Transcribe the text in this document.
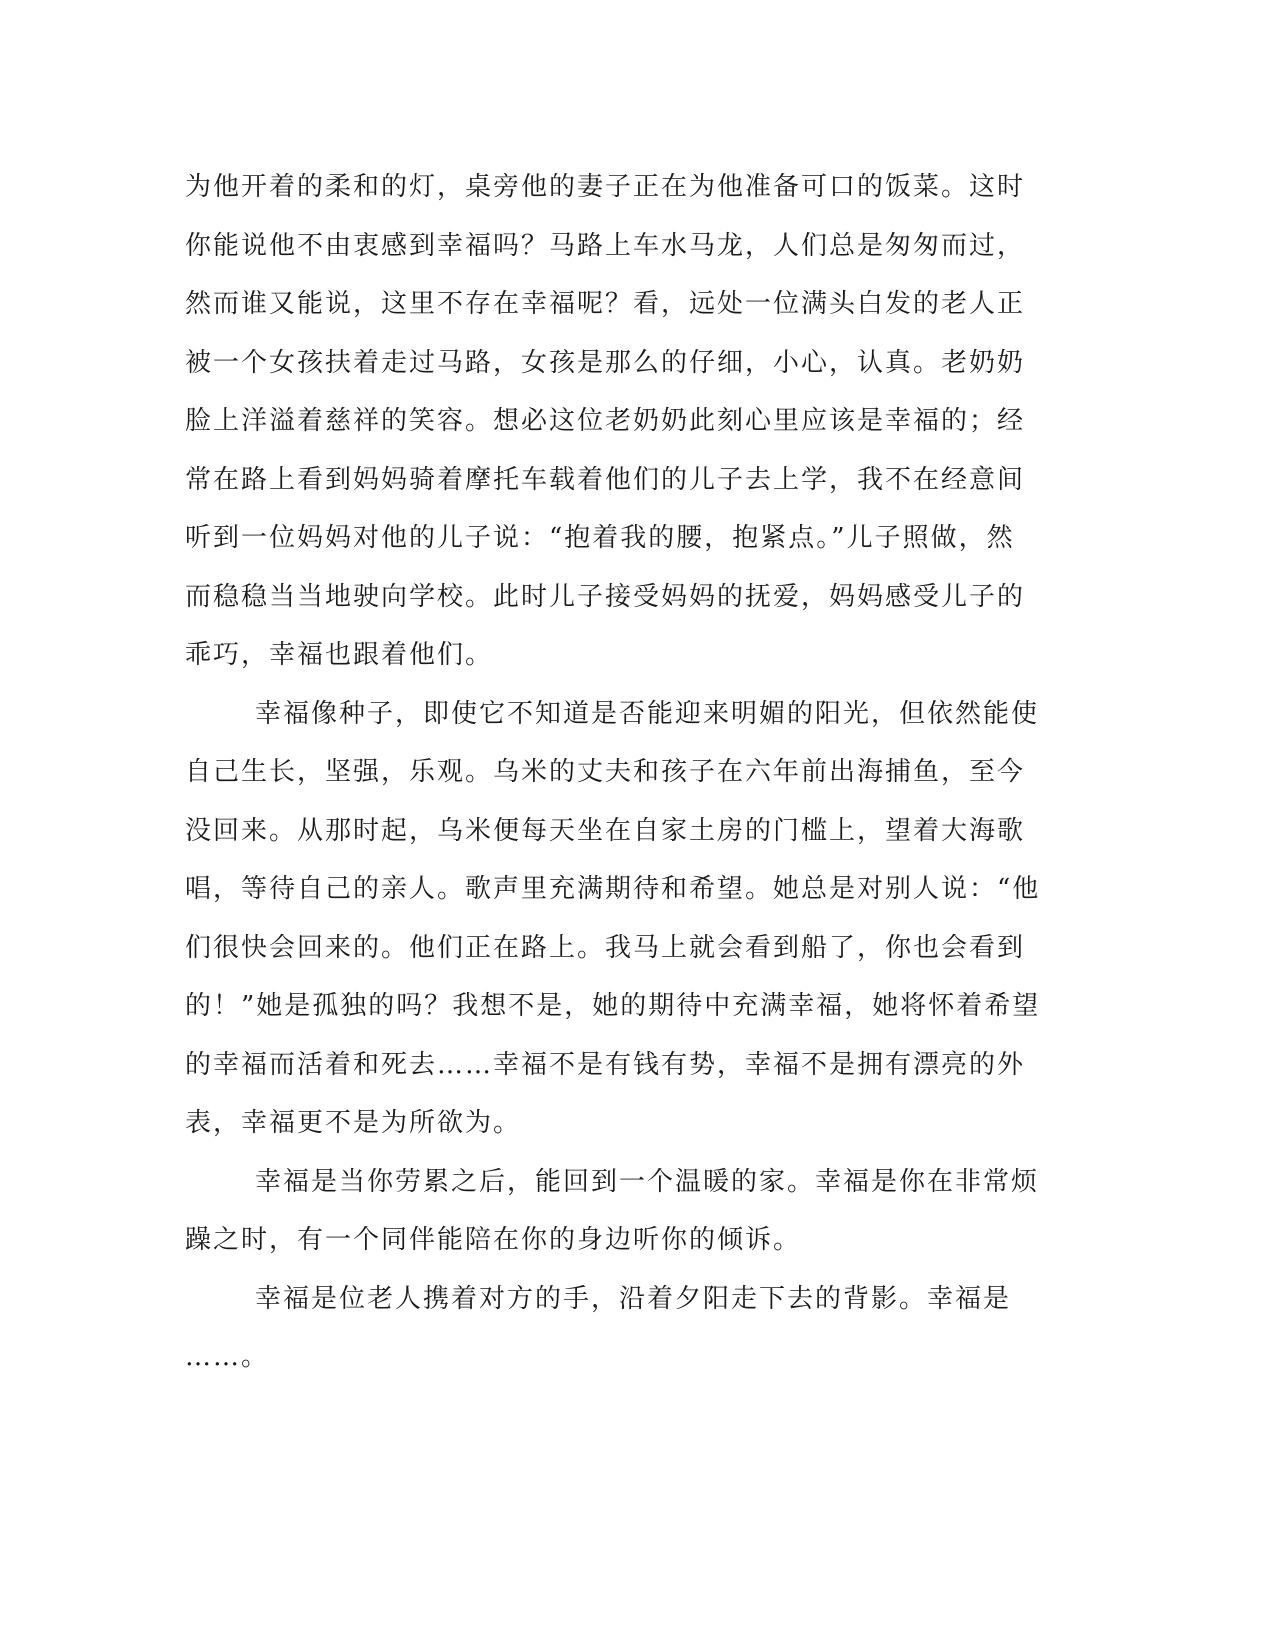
为他开着的柔和的灯，桌旁他的妻子正在为他准备可口的饭菜。这时
你能说他不由衷感到幸福吗？马路上车水马龙，人们总是匆匆而过，
然而谁又能说，这里不存在幸福呢？看，远处一位满头白发的老人正
被一个女孩扶着走过马路，女孩是那么的仔细，小心，认真。老奶奶
脸上洋溢着慈祥的笑容。想必这位老奶奶此刻心里应该是幸福的；经
常在路上看到妈妈骑着摩托车载着他们的儿子去上学，我不在经意间
听到一位妈妈对他的儿子说：“抱着我的腰，抱紧点。”儿子照做，然
而稳稳当当地驶向学校。此时儿子接受妈妈的抚爱，妈妈感受儿子的
乖巧，幸福也跟着他们。
幸福像种子，即使它不知道是否能迎来明媚的阳光，但依然能使
自己生长，坚强，乐观。乌米的丈夫和孩子在六年前出海捕鱼，至今
没回来。从那时起，乌米便每天坐在自家土房的门槛上，望着大海歌
唱，等待自己的亲人。歌声里充满期待和希望。她总是对别人说：“他
们很快会回来的。他们正在路上。我马上就会看到船了，你也会看到
的！”她是孤独的吗？我想不是，她的期待中充满幸福，她将怀着希望
的幸福而活着和死去……幸福不是有钱有势，幸福不是拥有漂亮的外
表，幸福更不是为所欲为。
幸福是当你劳累之后，能回到一个温暖的家。幸福是你在非常烦
躁之时，有一个同伴能陪在你的身边听你的倾诉。
幸福是位老人携着对方的手，沿着夕阳走下去的背影。幸福是
……。
